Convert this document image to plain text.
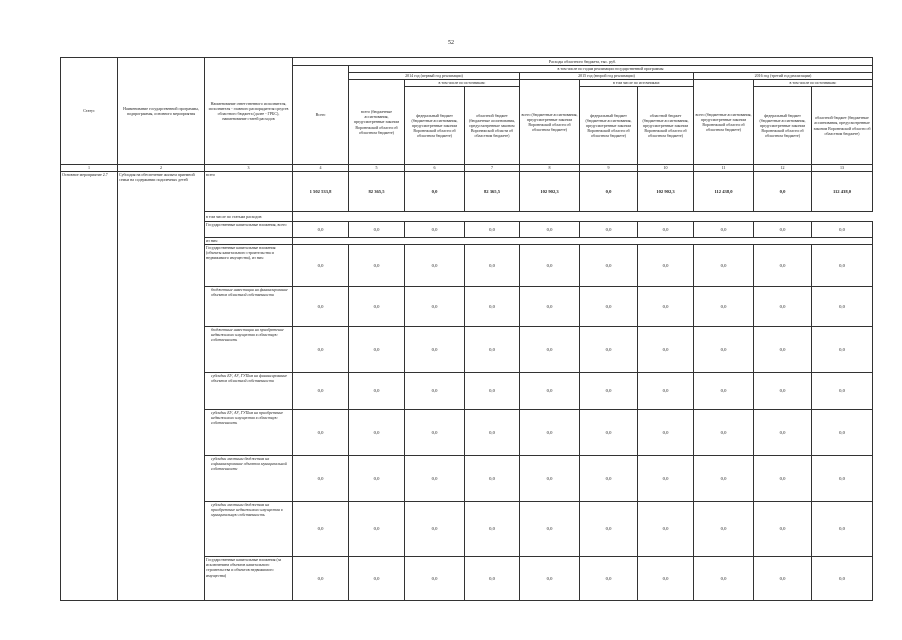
52
Статус	Наименование государственной программы, подпрограммы, основного мероприятия	Наименование ответственного исполнителя, исполнителя - главного распорядителя средств областного бюджета (далее - ГРБС), наименование статей расходов	Расходы областного бюджета, тыс. руб.									
			Всего	в том числе по годам реализации государственной программы								
				2014 год (первый год реализации)			2015 год (второй год реализации)			2016 год (третий год реализации)		
				всего (бюджетные ассигнования, предусмотренные законом Воронежской области об областном бюджете)	в том числе по источникам:		всего (бюджетные ассигнования, предусмотренные законом Воронежской области об областном бюджете)	в том числе по источникам:		всего (бюджетные ассигнования, предусмотренные законом Воронежской области об областном бюджете)	в том числе по источникам:	
					федеральный бюджет (бюджетные ассигнования, предусмотренные законом Воронежской области об областном бюджете)	областной бюджет (бюджетные ассигнования, предусмотренные законом Воронежской области об областном бюджете)		федеральный бюджет (бюджетные ассигнования, предусмотренные законом Воронежской области об областном бюджете)	областной бюджет (бюджетные ассигнования, предусмотренные законом Воронежской области об областном бюджете)		федеральный бюджет (бюджетные ассигнования, предусмотренные законом Воронежской области об областном бюджете)	областной бюджет (бюджетные ассигнования, предусмотренные законом Воронежской области об областном бюджете)
1	2	3	4	5	6	7	8	9	10	11	12	13
Основное мероприятие 2.7	Субсидия на обеспечение жильем приемной семьи на содержании подопечных детей	всего	1 502 533,8	82 365,5	0,0	82 365,5	102 902,3	0,0	102 902,3	112 438,0	0,0	112 438,0
		в том числе по статьям расходов:										
		Государственные капитальные вложения, всего	0,0	0,0	0,0	0,0	0,0	0,0	0,0	0,0	0,0	0,0
		из них:										
		Государственные капитальные вложения (объекты капитального строительства и недвижимого имущества), из них:	0,0	0,0	0,0	0,0	0,0	0,0	0,0	0,0	0,0	0,0
		бюджетные инвестиции на финансирование объектов областной собственности	0,0	0,0	0,0	0,0	0,0	0,0	0,0	0,0	0,0	0,0
		бюджетные инвестиции на приобретение недвижимого имущества в областную собственность	0,0	0,0	0,0	0,0	0,0	0,0	0,0	0,0	0,0	0,0
		субсидии БУ, АУ, ГУПам на финансирование объектов областной собственности	0,0	0,0	0,0	0,0	0,0	0,0	0,0	0,0	0,0	0,0
		субсидии БУ, АУ, ГУПам на приобретение недвижимого имущества в областную собственность	0,0	0,0	0,0	0,0	0,0	0,0	0,0	0,0	0,0	0,0
		субсидии местным бюджетам на софинансирование объектов муниципальной собственности	0,0	0,0	0,0	0,0	0,0	0,0	0,0	0,0	0,0	0,0
		субсидии местным бюджетам на приобретение недвижимого имущества в муниципальную собственность	0,0	0,0	0,0	0,0	0,0	0,0	0,0	0,0	0,0	0,0
		Государственные капитальные вложения (за исключением объектов капитального строительства и объектов недвижимого имущества)	0,0	0,0	0,0	0,0	0,0	0,0	0,0	0,0	0,0	0,0
